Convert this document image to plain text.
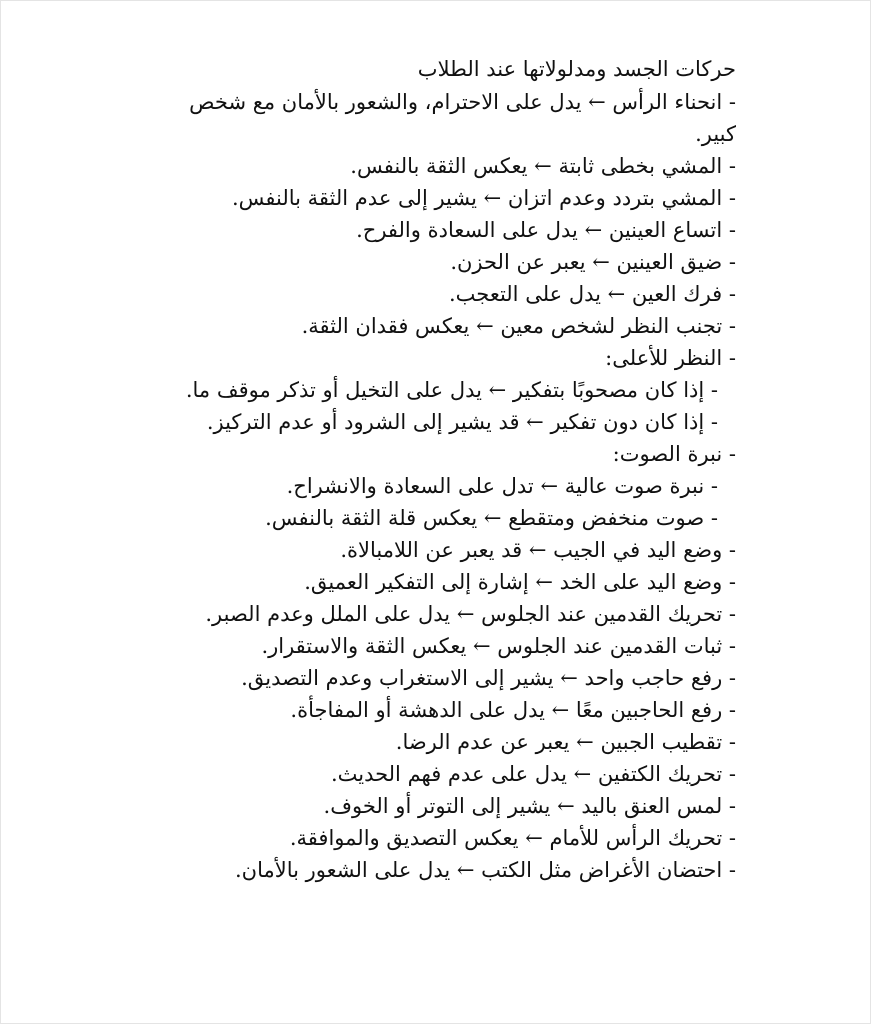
حركات الجسد ومدلولاتها عند الطلاب

- انحناء الرأس ← يدل على الاحترام، والشعور بالأمان مع شخص كبير.

- المشي بخطى ثابتة ← يعكس الثقة بالنفس.

- المشي بتردد وعدم اتزان ← يشير إلى عدم الثقة بالنفس.

- اتساع العينين ← يدل على السعادة والفرح.

- ضيق العينين ← يعبر عن الحزن.

- فرك العين ← يدل على التعجب.

- تجنب النظر لشخص معين ← يعكس فقدان الثقة.

- النظر للأعلى:

- إذا كان مصحوبًا بتفكير ← يدل على التخيل أو تذكر موقف ما.

- إذا كان دون تفكير ← قد يشير إلى الشرود أو عدم التركيز.

- نبرة الصوت:

- نبرة صوت عالية ← تدل على السعادة والانشراح.

- صوت منخفض ومتقطع ← يعكس قلة الثقة بالنفس.

- وضع اليد في الجيب ← قد يعبر عن اللامبالاة.

- وضع اليد على الخد ← إشارة إلى التفكير العميق.

- تحريك القدمين عند الجلوس ← يدل على الملل وعدم الصبر.

- ثبات القدمين عند الجلوس ← يعكس الثقة والاستقرار.

- رفع حاجب واحد ← يشير إلى الاستغراب وعدم التصديق.

- رفع الحاجبين معًا ← يدل على الدهشة أو المفاجأة.

- تقطيب الجبين ← يعبر عن عدم الرضا.

- تحريك الكتفين ← يدل على عدم فهم الحديث.

- لمس العنق باليد ← يشير إلى التوتر أو الخوف.

- تحريك الرأس للأمام ← يعكس التصديق والموافقة.

- احتضان الأغراض مثل الكتب ← يدل على الشعور بالأمان.
